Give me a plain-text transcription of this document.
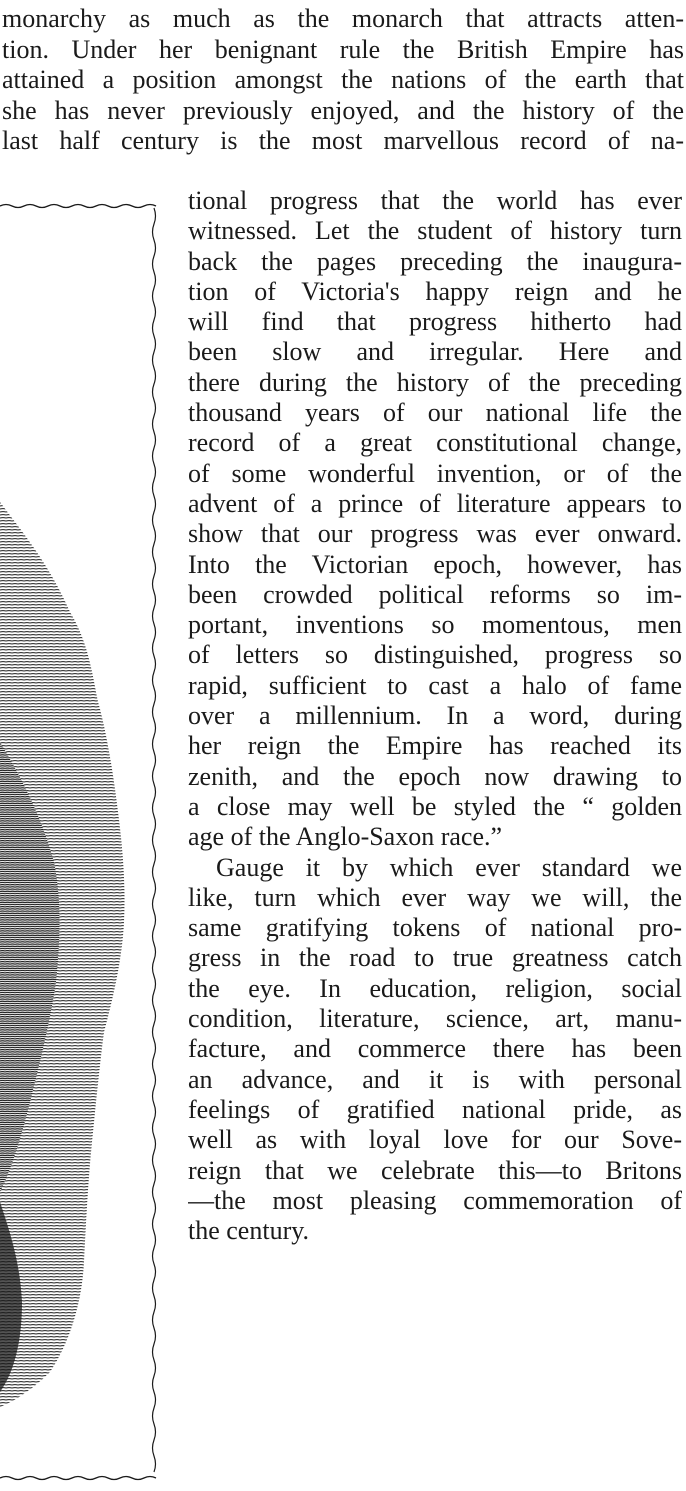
monarchy as much as the monarch that attracts atten-
tion. Under her benignant rule the British Empire has
attained a position amongst the nations of the earth that
she has never previously enjoyed, and the history of the
last half century is the most marvellous record of na-
tional progress that the world has ever
witnessed. Let the student of history turn
back the pages preceding the inaugura-
tion of Victoria's happy reign and he
will find that progress hitherto had
been slow and irregular. Here and
there during the history of the preceding
thousand years of our national life the
record of a great constitutional change,
of some wonderful invention, or of the
advent of a prince of literature appears to
show that our progress was ever onward.
Into the Victorian epoch, however, has
been crowded political reforms so im-
portant, inventions so momentous, men
of letters so distinguished, progress so
rapid, sufficient to cast a halo of fame
over a millennium. In a word, during
her reign the Empire has reached its
zenith, and the epoch now drawing to
a close may well be styled the “ golden
age of the Anglo-Saxon race.”
Gauge it by which ever standard we
like, turn which ever way we will, the
same gratifying tokens of national pro-
gress in the road to true greatness catch
the eye. In education, religion, social
condition, literature, science, art, manu-
facture, and commerce there has been
an advance, and it is with personal
feelings of gratified national pride, as
well as with loyal love for our Sove-
reign that we celebrate this—to Britons
—the most pleasing commemoration of
the century.
